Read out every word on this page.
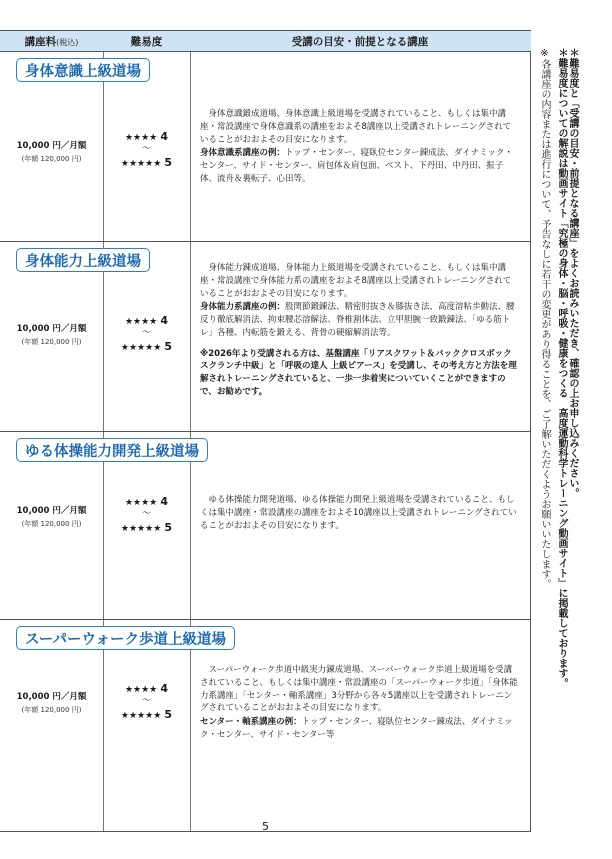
講座料(税込)	難易度	受講の目安・前提となる講座
身体意識上級道場
10,000 円／月額
(年額 120,000 円)
★★★★ 4
〜
★★★★★ 5

身体意識鍛成道場、身体意識上級道場を受講されていること、もしくは集中講座・常設講座で身体意識系の講座をおよそ8講座以上受講されトレーニングされていることがおおよその目安になります。

身体意識系講座の例：トップ・センター、寝臥位センター錬成法、ダイナミック・センター、サイド・センター、肩包体＆肩包面、ベスト、下丹田、中丹田、振子体、流舟＆裏転子、心田等。

身体能力上級道場
10,000 円／月額
(年額 120,000 円)
★★★★ 4
〜
★★★★★ 5

身体能力錬成道場、身体能力上級道場を受講されていること、もしくは集中講座・常設講座で身体能力系の講座をおよそ8講座以上受講されトレーニングされていることがおおよその目安になります。

身体能力系講座の例：股関節鍛錬法、精密肘抜き＆膝抜き法、高度溶粘歩動法、腰反り徹底解消法、拘束腰芯溶解法、脊椎割体法、立甲胆腕一致鍛錬法、「ゆる筋トレ」各種、内転筋を鍛える、背骨の硬縮解消法等。

※2026年より受講される方は、基盤講座「リアスクワット＆バッククロスボックスクランチ中級」と「呼吸の達人 上級ピアース」を受講し、その考え方と方法を理解されトレーニングされていると、一歩一歩着実についていくことができますので、お勧めです。

ゆる体操能力開発上級道場
10,000 円／月額
(年額 120,000 円)
★★★★ 4
〜
★★★★★ 5

ゆる体操能力開発道場、ゆる体操能力開発上級道場を受講されていること、もしくは集中講座・常設講座の講座をおよそ10講座以上受講されトレーニングされていることがおおよその目安になります。

スーパーウォーク歩道上級道場
10,000 円／月額
(年額 120,000 円)
★★★★ 4
〜
★★★★★ 5

スーパーウォーク歩道中級実力錬成道場、スーパーウォーク歩道上級道場を受講されていること、もしくは集中講座・常設講座の「スーパーウォーク歩道」「身体能力系講座」「センター・軸系講座」3分野から各々5講座以上を受講されトレーニングされていることがおおよその目安になります。

センター・軸系講座の例：トップ・センター、寝臥位センター錬成法、ダイナミック・センター、サイド・センター等

＊難易度と「受講の目安・前提となる講座」をよくお読みいただき、確認の上お申し込みください。
＊難易度についての解説は動画サイト「究極の身体・脳・呼吸・健康をつくる　高度運動科学トレーニング動画サイト」に掲載しております。
※各講座の内容または進行について、予告なしに若干の変更があり得ることを、ご了解いただくようお願いいたします。
5
